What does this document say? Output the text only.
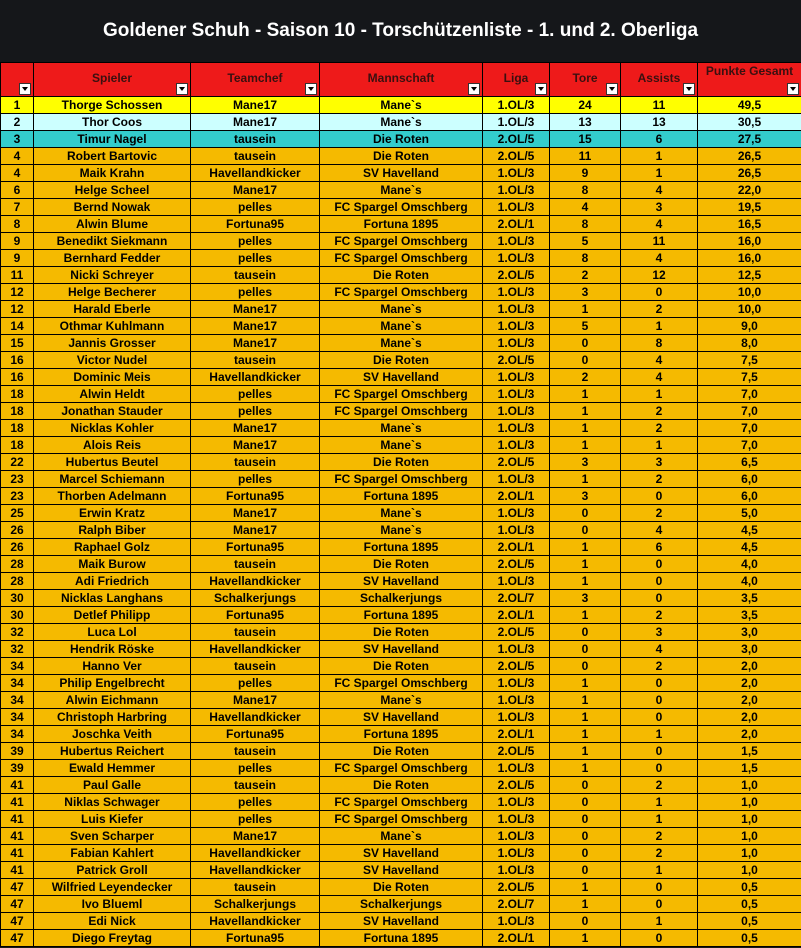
Goldener Schuh - Saison 10 - Torschützenliste - 1. und 2. Oberliga

	Spieler	Teamchef	Mannschaft	Liga	Tore	Assists	Punkte Gesamt

1	Thorge Schossen	Mane17	Mane`s	1.OL/3	24	11	49,5
2	Thor Coos	Mane17	Mane`s	1.OL/3	13	13	30,5
3	Timur Nagel	tausein	Die Roten	2.OL/5	15	6	27,5
4	Robert Bartovic	tausein	Die Roten	2.OL/5	11	1	26,5
4	Maik Krahn	Havellandkicker	SV Havelland	1.OL/3	9	1	26,5
6	Helge Scheel	Mane17	Mane`s	1.OL/3	8	4	22,0
7	Bernd Nowak	pelles	FC Spargel Omschberg	1.OL/3	4	3	19,5
8	Alwin Blume	Fortuna95	Fortuna 1895	2.OL/1	8	4	16,5
9	Benedikt Siekmann	pelles	FC Spargel Omschberg	1.OL/3	5	11	16,0
9	Bernhard Fedder	pelles	FC Spargel Omschberg	1.OL/3	8	4	16,0
11	Nicki Schreyer	tausein	Die Roten	2.OL/5	2	12	12,5
12	Helge Becherer	pelles	FC Spargel Omschberg	1.OL/3	3	0	10,0
12	Harald Eberle	Mane17	Mane`s	1.OL/3	1	2	10,0
14	Othmar Kuhlmann	Mane17	Mane`s	1.OL/3	5	1	9,0
15	Jannis Grosser	Mane17	Mane`s	1.OL/3	0	8	8,0
16	Victor Nudel	tausein	Die Roten	2.OL/5	0	4	7,5
16	Dominic Meis	Havellandkicker	SV Havelland	1.OL/3	2	4	7,5
18	Alwin Heldt	pelles	FC Spargel Omschberg	1.OL/3	1	1	7,0
18	Jonathan Stauder	pelles	FC Spargel Omschberg	1.OL/3	1	2	7,0
18	Nicklas Kohler	Mane17	Mane`s	1.OL/3	1	2	7,0
18	Alois Reis	Mane17	Mane`s	1.OL/3	1	1	7,0
22	Hubertus Beutel	tausein	Die Roten	2.OL/5	3	3	6,5
23	Marcel Schiemann	pelles	FC Spargel Omschberg	1.OL/3	1	2	6,0
23	Thorben Adelmann	Fortuna95	Fortuna 1895	2.OL/1	3	0	6,0
25	Erwin Kratz	Mane17	Mane`s	1.OL/3	0	2	5,0
26	Ralph Biber	Mane17	Mane`s	1.OL/3	0	4	4,5
26	Raphael Golz	Fortuna95	Fortuna 1895	2.OL/1	1	6	4,5
28	Maik Burow	tausein	Die Roten	2.OL/5	1	0	4,0
28	Adi Friedrich	Havellandkicker	SV Havelland	1.OL/3	1	0	4,0
30	Nicklas Langhans	Schalkerjungs	Schalkerjungs	2.OL/7	3	0	3,5
30	Detlef Philipp	Fortuna95	Fortuna 1895	2.OL/1	1	2	3,5
32	Luca Lol	tausein	Die Roten	2.OL/5	0	3	3,0
32	Hendrik Röske	Havellandkicker	SV Havelland	1.OL/3	0	4	3,0
34	Hanno Ver	tausein	Die Roten	2.OL/5	0	2	2,0
34	Philip Engelbrecht	pelles	FC Spargel Omschberg	1.OL/3	1	0	2,0
34	Alwin Eichmann	Mane17	Mane`s	1.OL/3	1	0	2,0
34	Christoph Harbring	Havellandkicker	SV Havelland	1.OL/3	1	0	2,0
34	Joschka Veith	Fortuna95	Fortuna 1895	2.OL/1	1	1	2,0
39	Hubertus Reichert	tausein	Die Roten	2.OL/5	1	0	1,5
39	Ewald Hemmer	pelles	FC Spargel Omschberg	1.OL/3	1	0	1,5
41	Paul Galle	tausein	Die Roten	2.OL/5	0	2	1,0
41	Niklas Schwager	pelles	FC Spargel Omschberg	1.OL/3	0	1	1,0
41	Luis Kiefer	pelles	FC Spargel Omschberg	1.OL/3	0	1	1,0
41	Sven Scharper	Mane17	Mane`s	1.OL/3	0	2	1,0
41	Fabian Kahlert	Havellandkicker	SV Havelland	1.OL/3	0	2	1,0
41	Patrick Groll	Havellandkicker	SV Havelland	1.OL/3	0	1	1,0
47	Wilfried Leyendecker	tausein	Die Roten	2.OL/5	1	0	0,5
47	Ivo Blueml	Schalkerjungs	Schalkerjungs	2.OL/7	1	0	0,5
47	Edi Nick	Havellandkicker	SV Havelland	1.OL/3	0	1	0,5
47	Diego Freytag	Fortuna95	Fortuna 1895	2.OL/1	1	0	0,5
